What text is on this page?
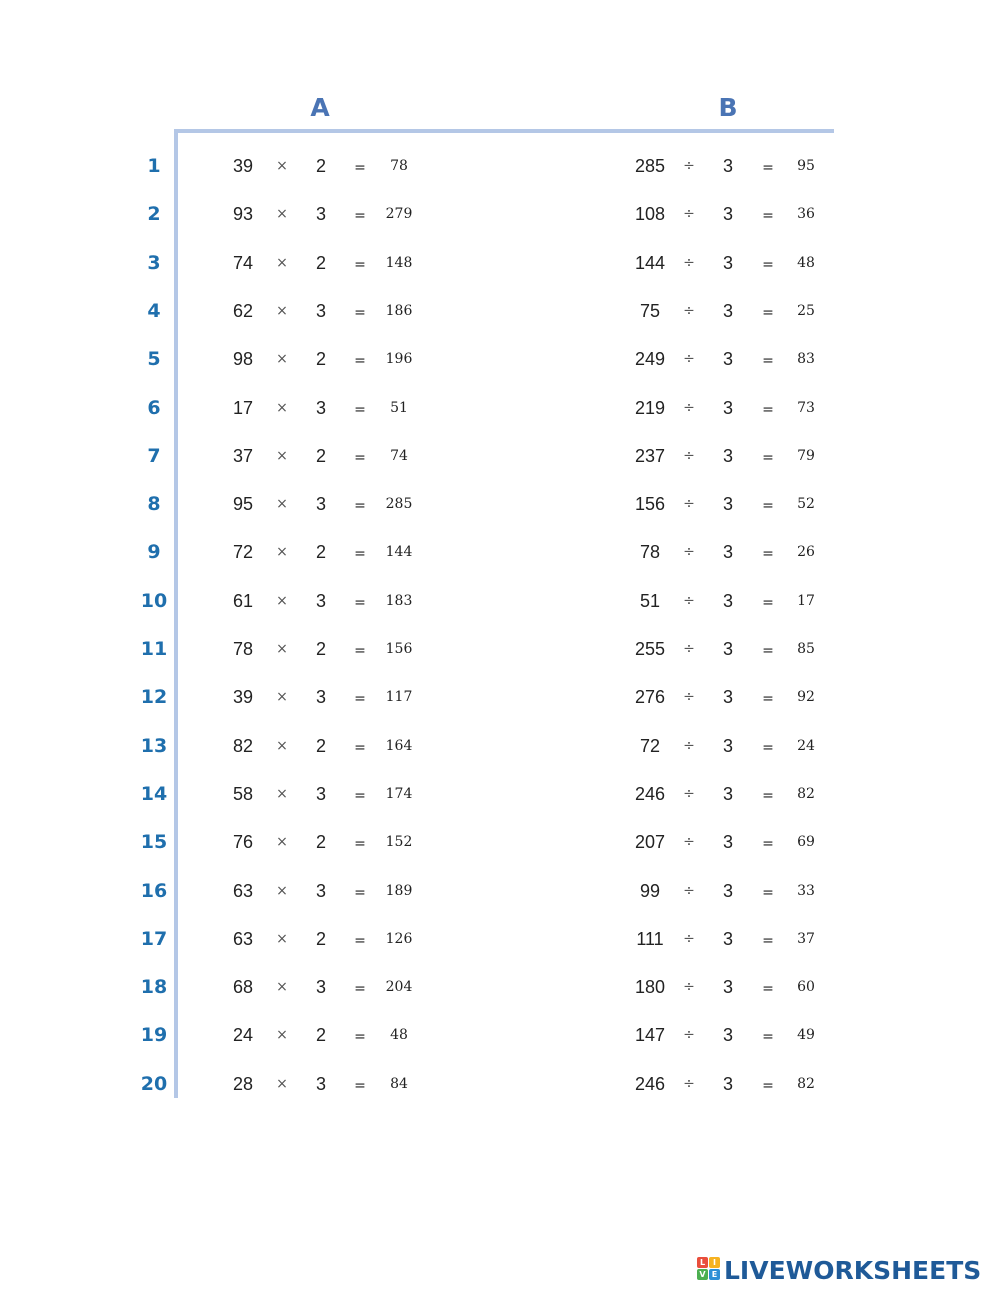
A	B
1	39	×	2	=	78	285	÷	3	=	95
2	93	×	3	=	279	108	÷	3	=	36
3	74	×	2	=	148	144	÷	3	=	48
4	62	×	3	=	186	75	÷	3	=	25
5	98	×	2	=	196	249	÷	3	=	83
6	17	×	3	=	51	219	÷	3	=	73
7	37	×	2	=	74	237	÷	3	=	79
8	95	×	3	=	285	156	÷	3	=	52
9	72	×	2	=	144	78	÷	3	=	26
10	61	×	3	=	183	51	÷	3	=	17
11	78	×	2	=	156	255	÷	3	=	85
12	39	×	3	=	117	276	÷	3	=	92
13	82	×	2	=	164	72	÷	3	=	24
14	58	×	3	=	174	246	÷	3	=	82
15	76	×	2	=	152	207	÷	3	=	69
16	63	×	3	=	189	99	÷	3	=	33
17	63	×	2	=	126	111	÷	3	=	37
18	68	×	3	=	204	180	÷	3	=	60
19	24	×	2	=	48	147	÷	3	=	49
20	28	×	3	=	84	246	÷	3	=	82
L I
V E LIVEWORKSHEETS
